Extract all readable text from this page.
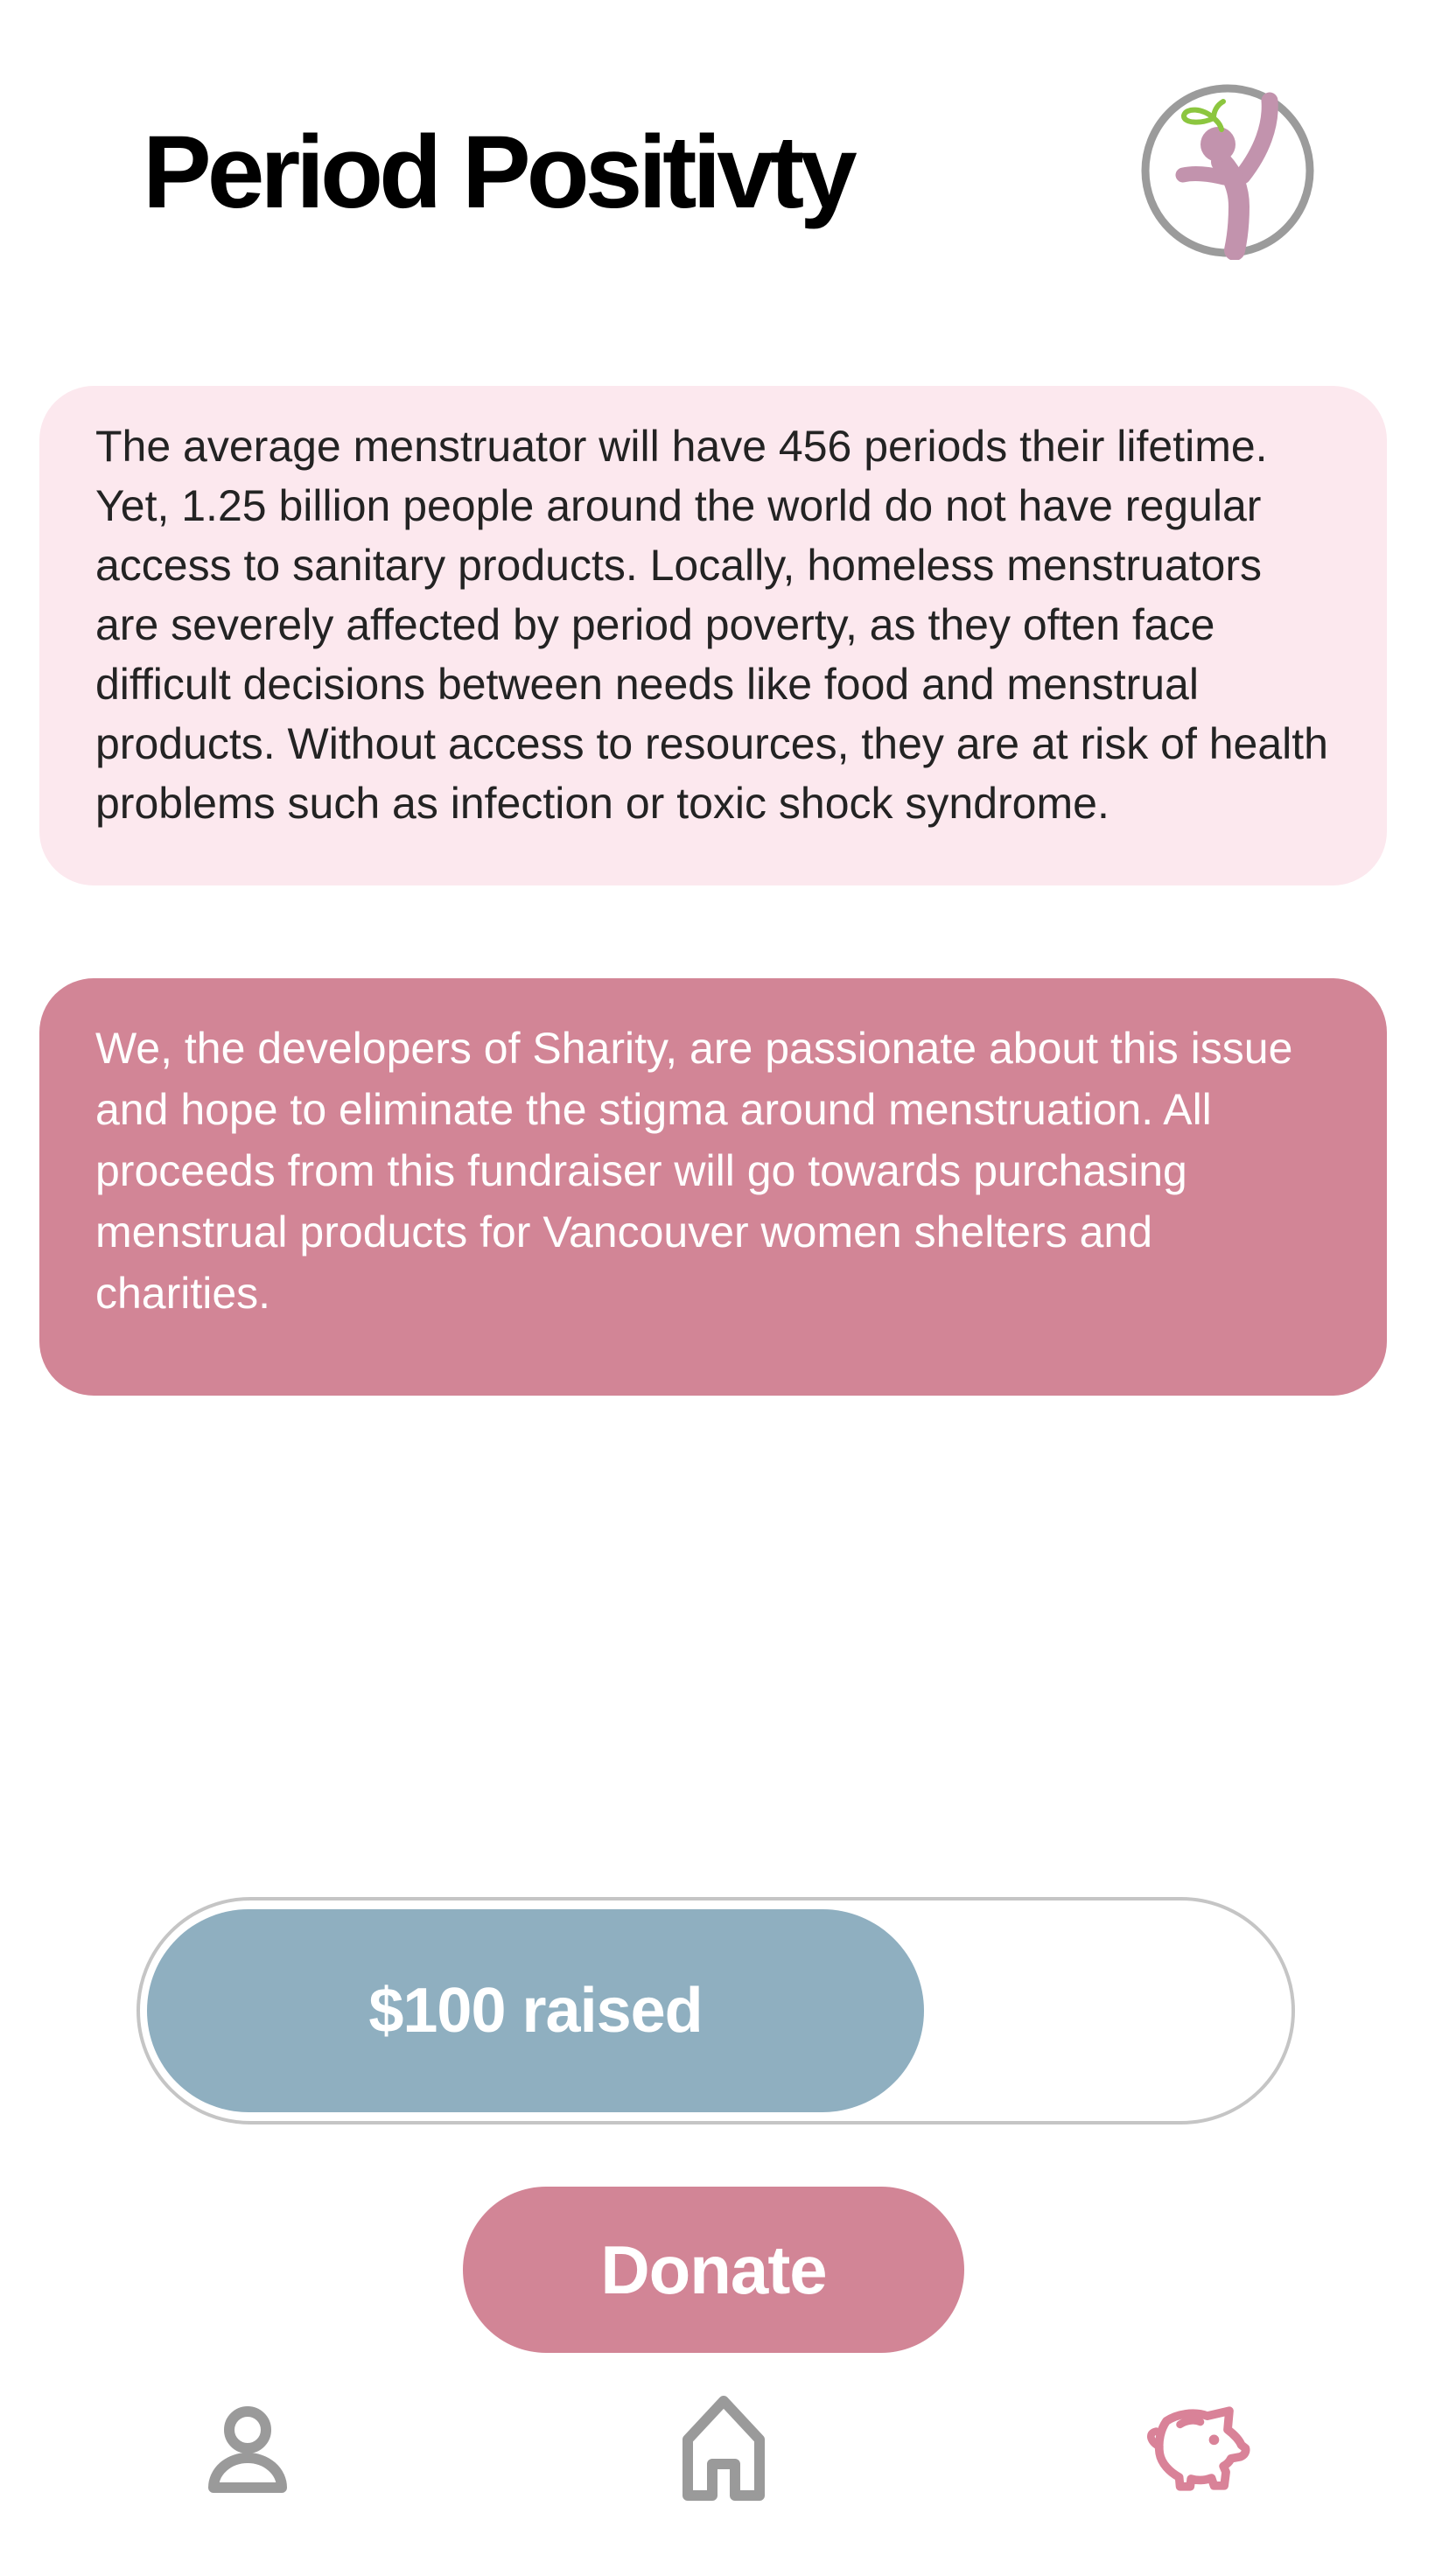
Period Positivty

The average menstruator will have 456 periods their lifetime. Yet, 1.25 billion people around the world do not have regular access to sanitary products. Locally, homeless menstruators are severely affected by period poverty, as they often face difficult decisions between needs like food and menstrual products. Without access to resources, they are at risk of health problems such as infection or toxic shock syndrome.

We, the developers of Sharity, are passionate about this issue and hope to eliminate the stigma around menstruation. All proceeds from this fundraiser will go towards purchasing menstrual products for Vancouver women shelters and charities.

$100 raised
Donate
